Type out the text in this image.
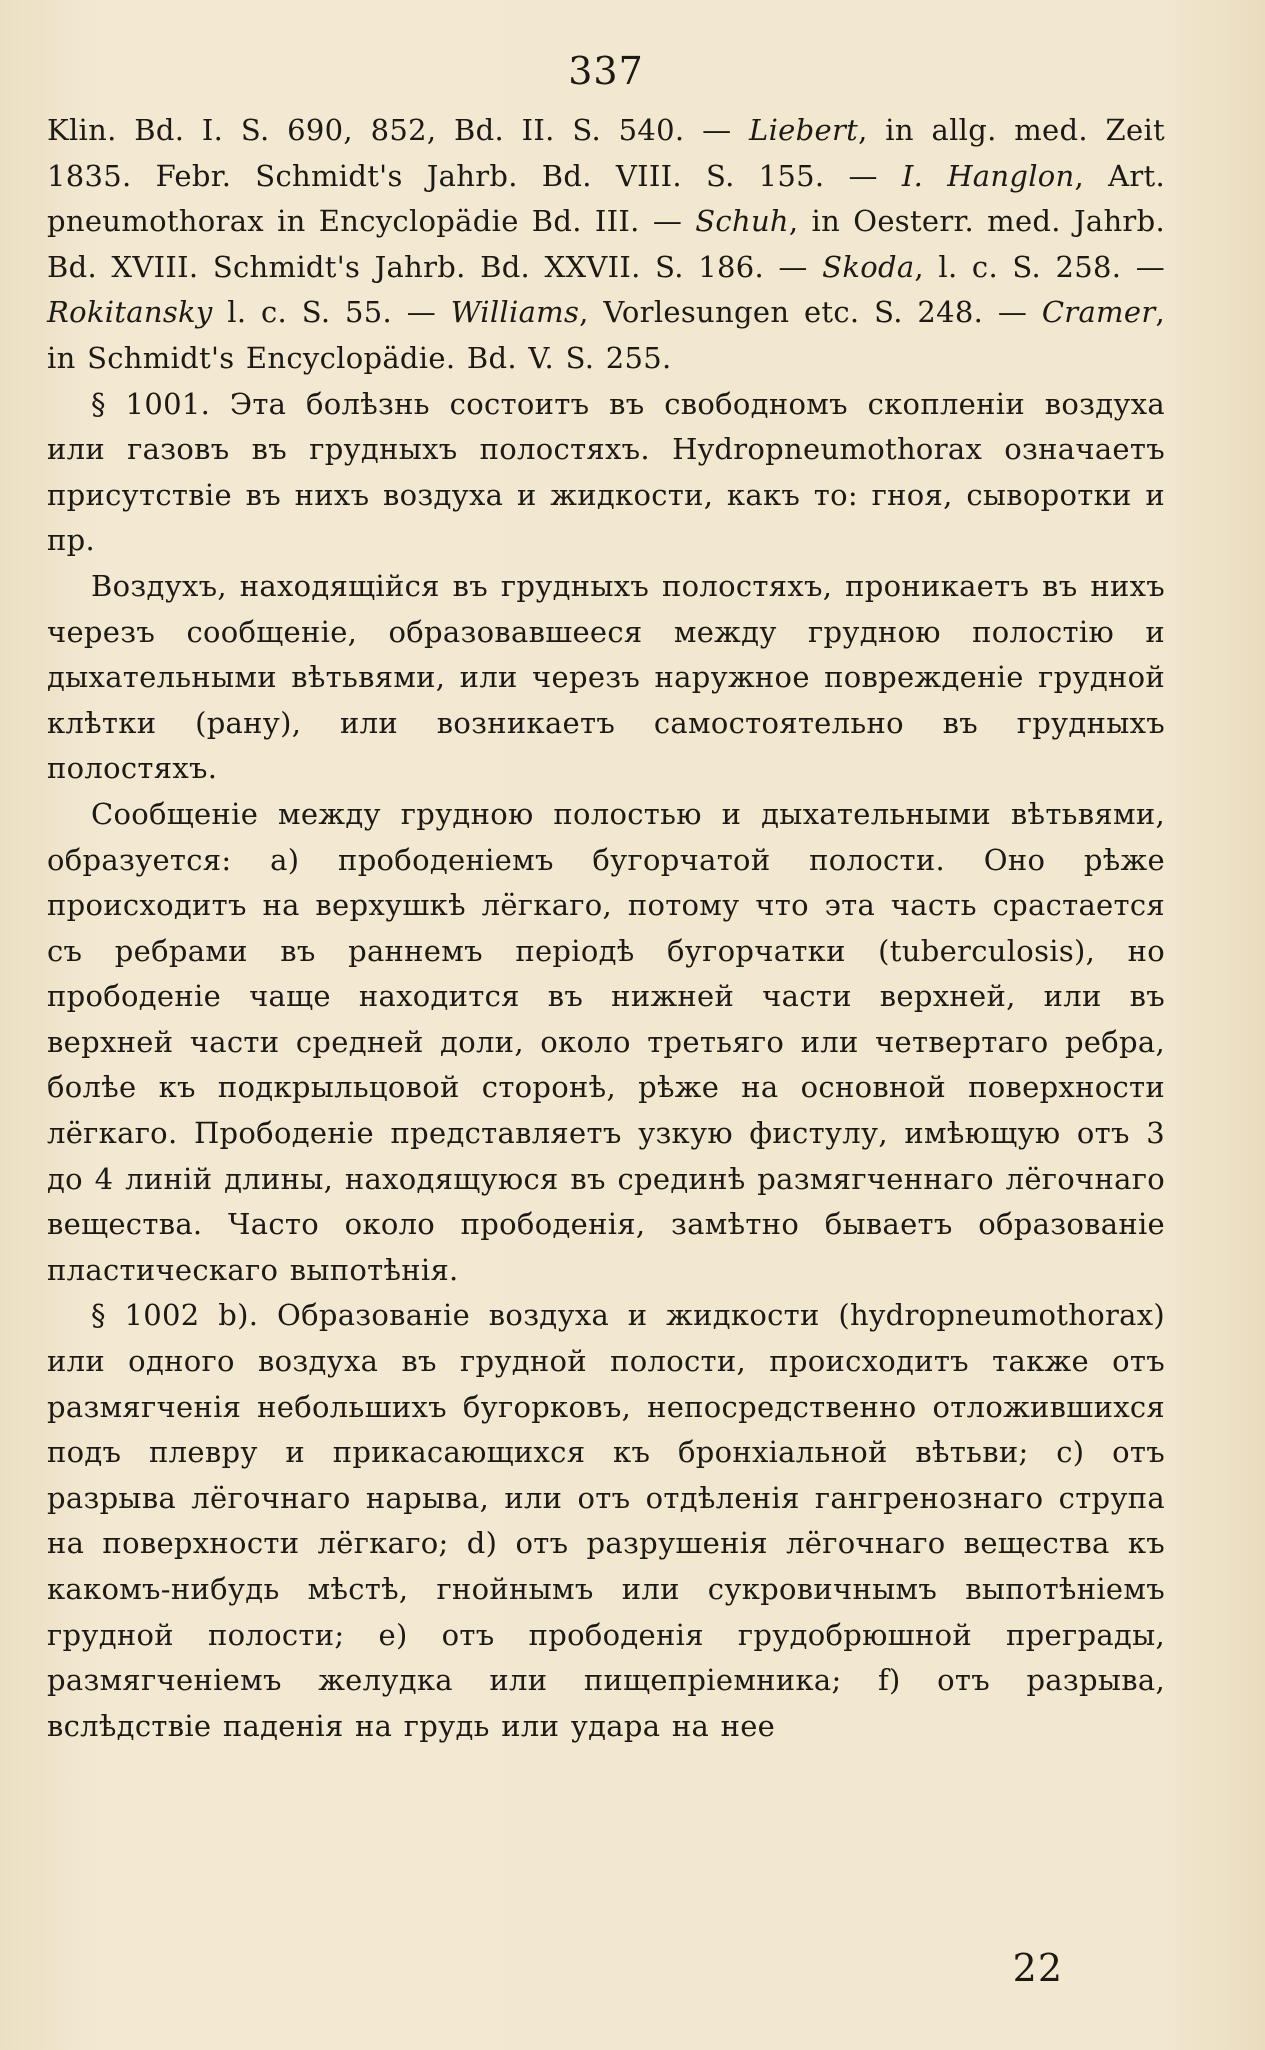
337

Klin. Bd. I. S. 690, 852, Bd. II. S. 540. — Liebert, in allg. med. Zeit 1835. Febr. Schmidt's Jahrb. Bd. VIII. S. 155. — I. Hanglon, Art. pneumothorax in Encyclopädie Bd. III. — Schuh, in Oesterr. med. Jahrb. Bd. XVIII. Schmidt's Jahrb. Bd. XXVII. S. 186. — Skoda, l. c. S. 258. — Rokitansky l. c. S. 55. — Williams, Vorlesungen etc. S. 248. — Cramer, in Schmidt's Encyclopädie. Bd. V. S. 255.

§ 1001. Эта болѣзнь состоитъ въ свободномъ скопленіи воздуха или газовъ въ грудныхъ полостяхъ. Hydropneumothorax означаетъ присутствіе въ нихъ воздуха и жидкости, какъ то: гноя, сыворотки и пр.

Воздухъ, находящійся въ грудныхъ полостяхъ, проникаетъ въ нихъ черезъ сообщеніе, образовавшееся между грудною полостію и дыхательными вѣтьвями, или черезъ наружное повреждeніе грудной клѣтки (рану), или возникаетъ самостоятельно въ грудныхъ полостяхъ.

Сообщеніе между грудною полостью и дыхательными вѣтьвями, образуется: а) прободеніемъ бугорчатой полости. Оно рѣже происходитъ на верхушкѣ лёгкаго, потому что эта часть срастается съ ребрами въ раннемъ періодѣ бугорчатки (tuberculosis), но прободеніе чаще находится въ нижней части верхней, или въ верхней части средней доли, около третьяго или четвертаго ребра, болѣе къ подкрыльцовой сторонѣ, рѣже на основной поверхности лёгкаго. Прободеніе представляетъ узкую фистулу, имѣющую отъ 3 до 4 линій длины, находящуюся въ срединѣ размягченнаго лёгочнаго вещества. Часто около прободенія, замѣтно бываетъ образованіе пластическаго выпотѣнія.

§ 1002 b). Образованіе воздуха и жидкости (hydropneumothorax) или одного воздуха въ грудной полости, происходитъ также отъ размягченія небольшихъ бугорковъ, непосредственно отложившихся подъ плевру и прикасающихся къ бронхіальной вѣтьви; с) отъ разрыва лёгочнаго нарыва, или отъ отдѣленія гангренознаго струпа на поверхности лёгкаго; d) отъ разрушенія лёгочнаго вещества къ какомъ-нибудь мѣстѣ, гнойнымъ или сукровичнымъ выпотѣніемъ грудной полости; е) отъ прободенія грудобрюшной преграды, размягченіемъ желудка или пищепріемника; f) отъ разрыва, вслѣдствіе паденія на грудь или удара на нее

22
